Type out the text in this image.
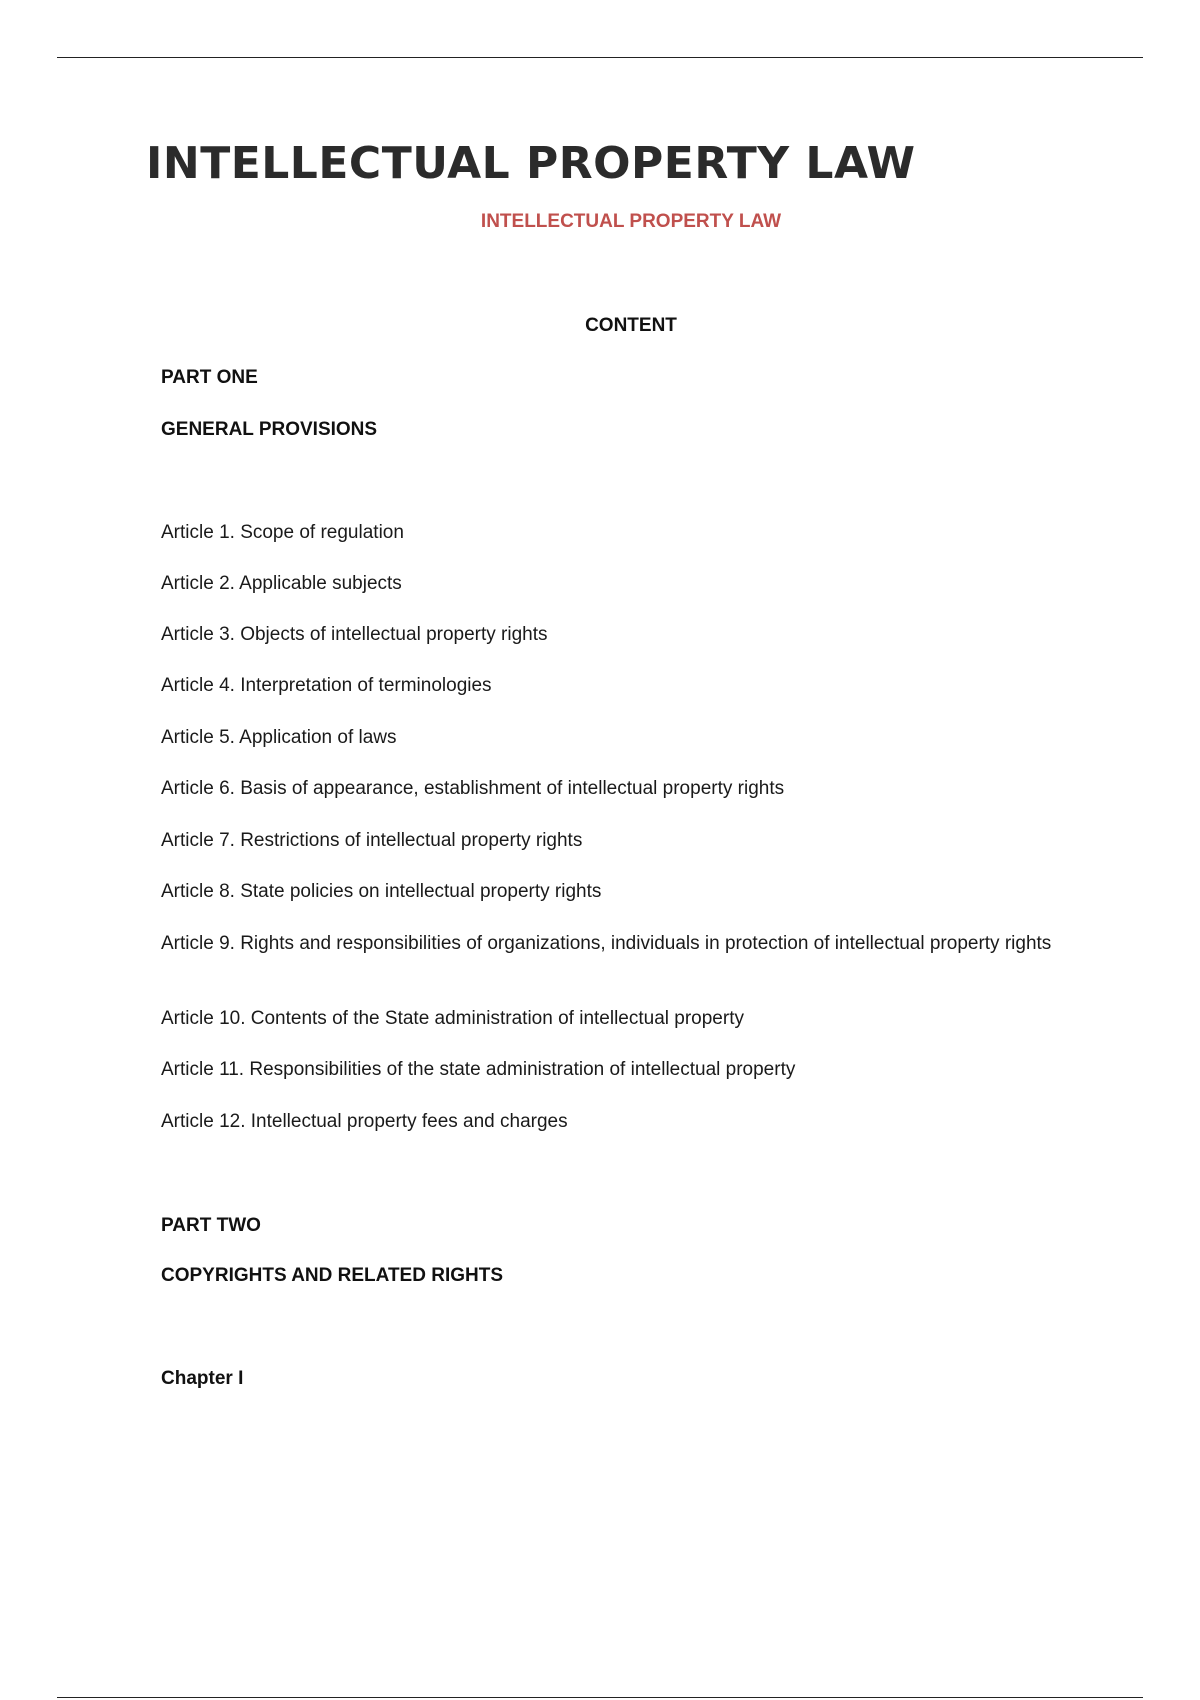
INTELLECTUAL PROPERTY LAW
INTELLECTUAL PROPERTY LAW
CONTENT
PART ONE
GENERAL PROVISIONS
Article 1. Scope of regulation
Article 2. Applicable subjects
Article 3. Objects of intellectual property rights
Article 4. Interpretation of terminologies
Article 5. Application of laws
Article 6. Basis of appearance, establishment of intellectual property rights
Article 7. Restrictions of intellectual property rights
Article 8. State policies on intellectual property rights
Article 9. Rights and responsibilities of organizations, individuals in protection of intellectual property rights
Article 10. Contents of the State administration of intellectual property
Article 11. Responsibilities of the state administration of intellectual property
Article 12. Intellectual property fees and charges
PART TWO
COPYRIGHTS AND RELATED RIGHTS
Chapter I
